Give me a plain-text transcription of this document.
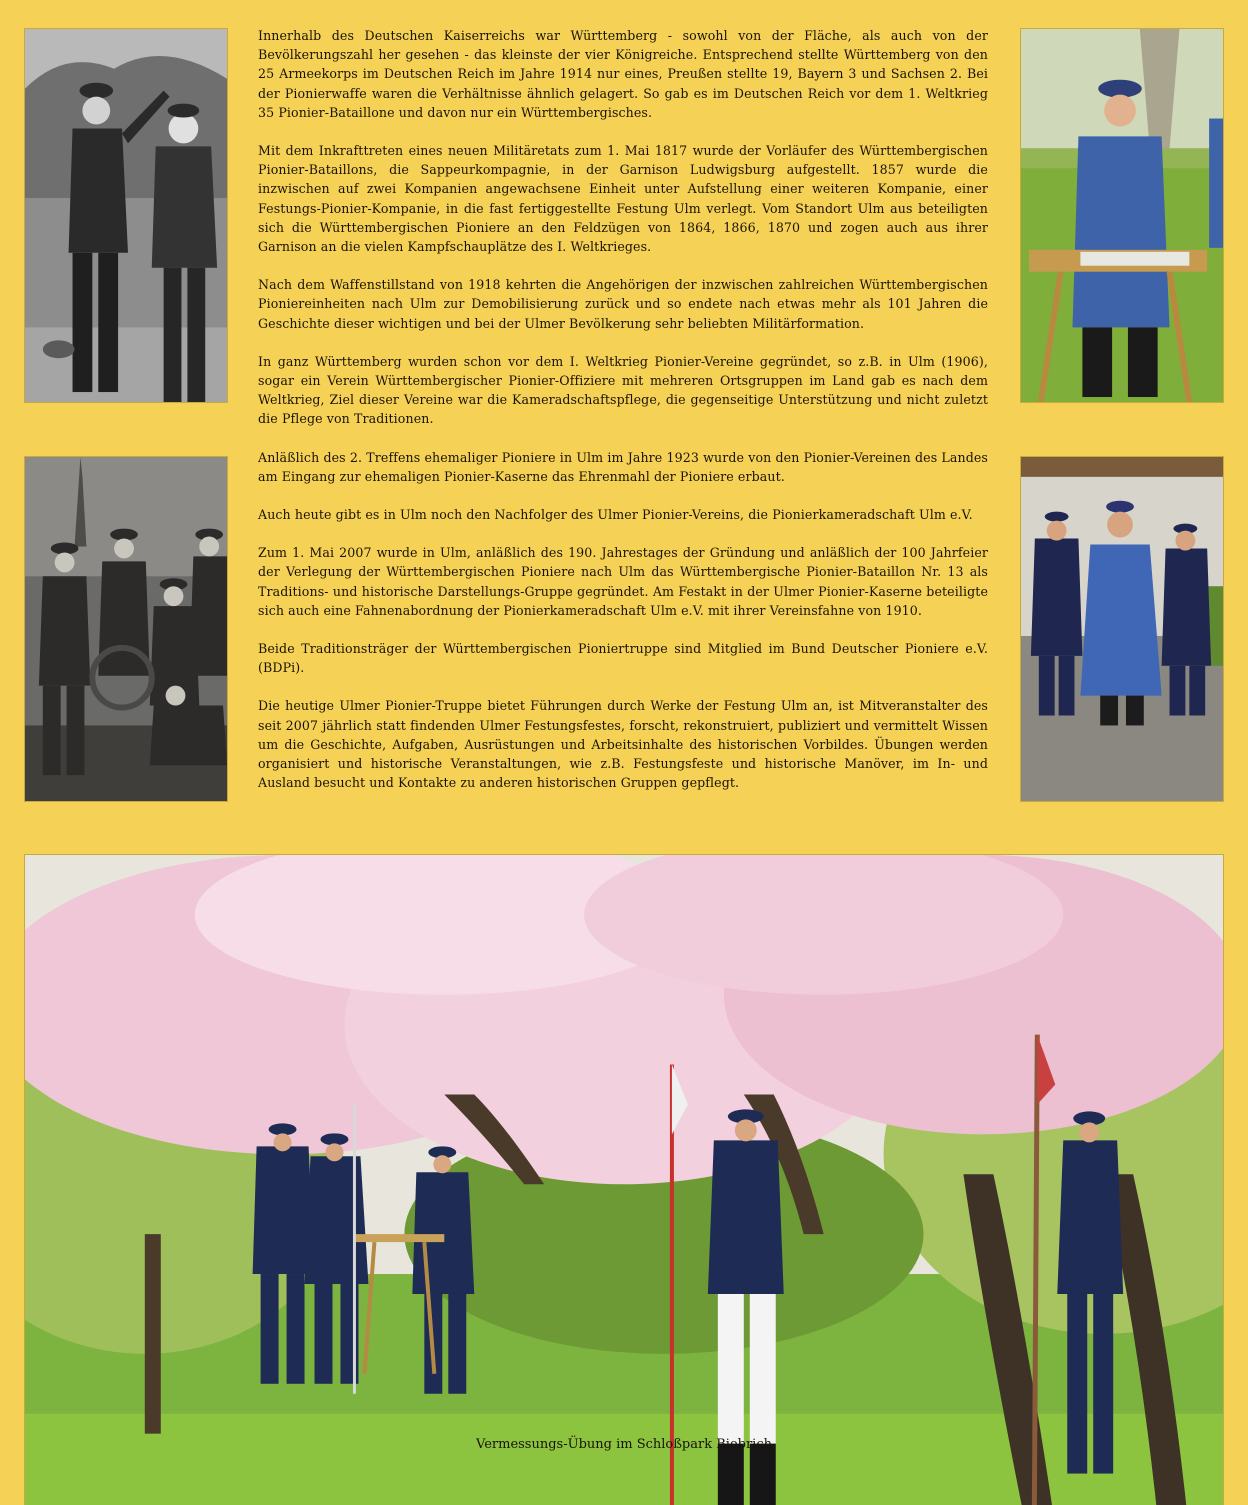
Innerhalb des Deutschen Kaiserreichs war Württemberg - sowohl von der Fläche, als auch von der Bevölkerungszahl her gesehen - das kleinste der vier Königreiche. Entsprechend stellte Württemberg von den 25 Armeekorps im Deutschen Reich im Jahre 1914 nur eines, Preußen stellte 19, Bayern 3 und Sachsen 2. Bei der Pionierwaffe waren die Verhältnisse ähnlich gelagert. So gab es im Deutschen Reich vor dem 1. Weltkrieg 35 Pionier-Bataillone und davon nur ein Württembergisches.

Mit dem Inkrafttreten eines neuen Militäretats zum 1. Mai 1817 wurde der Vorläufer des Württembergischen Pionier-Bataillons, die Sappeurkompagnie, in der Garnison Ludwigsburg aufgestellt. 1857 wurde die inzwischen auf zwei Kompanien angewachsene Einheit unter Aufstellung einer weiteren Kompanie, einer Festungs-Pionier-Kompanie, in die fast fertiggestellte Festung Ulm verlegt. Vom Standort Ulm aus beteiligten sich die Württembergischen Pioniere an den Feldzügen von 1864, 1866, 1870 und zogen auch aus ihrer Garnison an die vielen Kampfschauplätze des I. Weltkrieges.

Nach dem Waffenstillstand von 1918 kehrten die Angehörigen der inzwischen zahlreichen Württembergischen Pioniereinheiten nach Ulm zur Demobilisierung zurück und so endete nach etwas mehr als 101 Jahren die Geschichte dieser wichtigen und bei der Ulmer Bevölkerung sehr beliebten Militärformation.

In ganz Württemberg wurden schon vor dem I. Weltkrieg Pionier-Vereine gegründet, so z.B. in Ulm (1906), sogar ein Verein Württembergischer Pionier-Offiziere mit mehreren Ortsgruppen im Land gab es nach dem Weltkrieg, Ziel dieser Vereine war die Kameradschaftspflege, die gegenseitige Unterstützung und nicht zuletzt die Pflege von Traditionen.

Anläßlich des 2. Treffens ehemaliger Pioniere in Ulm im Jahre 1923 wurde von den Pionier-Vereinen des Landes am Eingang zur ehemaligen Pionier-Kaserne das Ehrenmahl der Pioniere erbaut.

Auch heute gibt es in Ulm noch den Nachfolger des Ulmer Pionier-Vereins, die Pionierkameradschaft Ulm e.V.

Zum 1. Mai 2007 wurde in Ulm, anläßlich des 190. Jahrestages der Gründung und anläßlich der 100 Jahrfeier der Verlegung der Württembergischen Pioniere nach Ulm das Württembergische Pionier-Bataillon Nr. 13 als Traditions- und historische Darstellungs-Gruppe gegründet. Am Festakt in der Ulmer Pionier-Kaserne beteiligte sich auch eine Fahnenabordnung der Pionierkameradschaft Ulm e.V. mit ihrer Vereinsfahne von 1910.

Beide Traditionsträger der Württembergischen Pioniertruppe sind Mitglied im Bund Deutscher Pioniere e.V. (BDPi).

Die heutige Ulmer Pionier-Truppe bietet Führungen durch Werke der Festung Ulm an, ist Mitveranstalter des seit 2007 jährlich statt findenden Ulmer Festungsfestes, forscht, rekonstruiert, publiziert und vermittelt Wissen um die Geschichte, Aufgaben, Ausrüstungen und Arbeitsinhalte des historischen Vorbildes. Übungen werden organisiert und historische Veranstaltungen, wie z.B. Festungsfeste und historische Manöver, im In- und Ausland besucht und Kontakte zu anderen historischen Gruppen gepflegt.

Vermessungs-Übung im Schloßpark Biebrich
